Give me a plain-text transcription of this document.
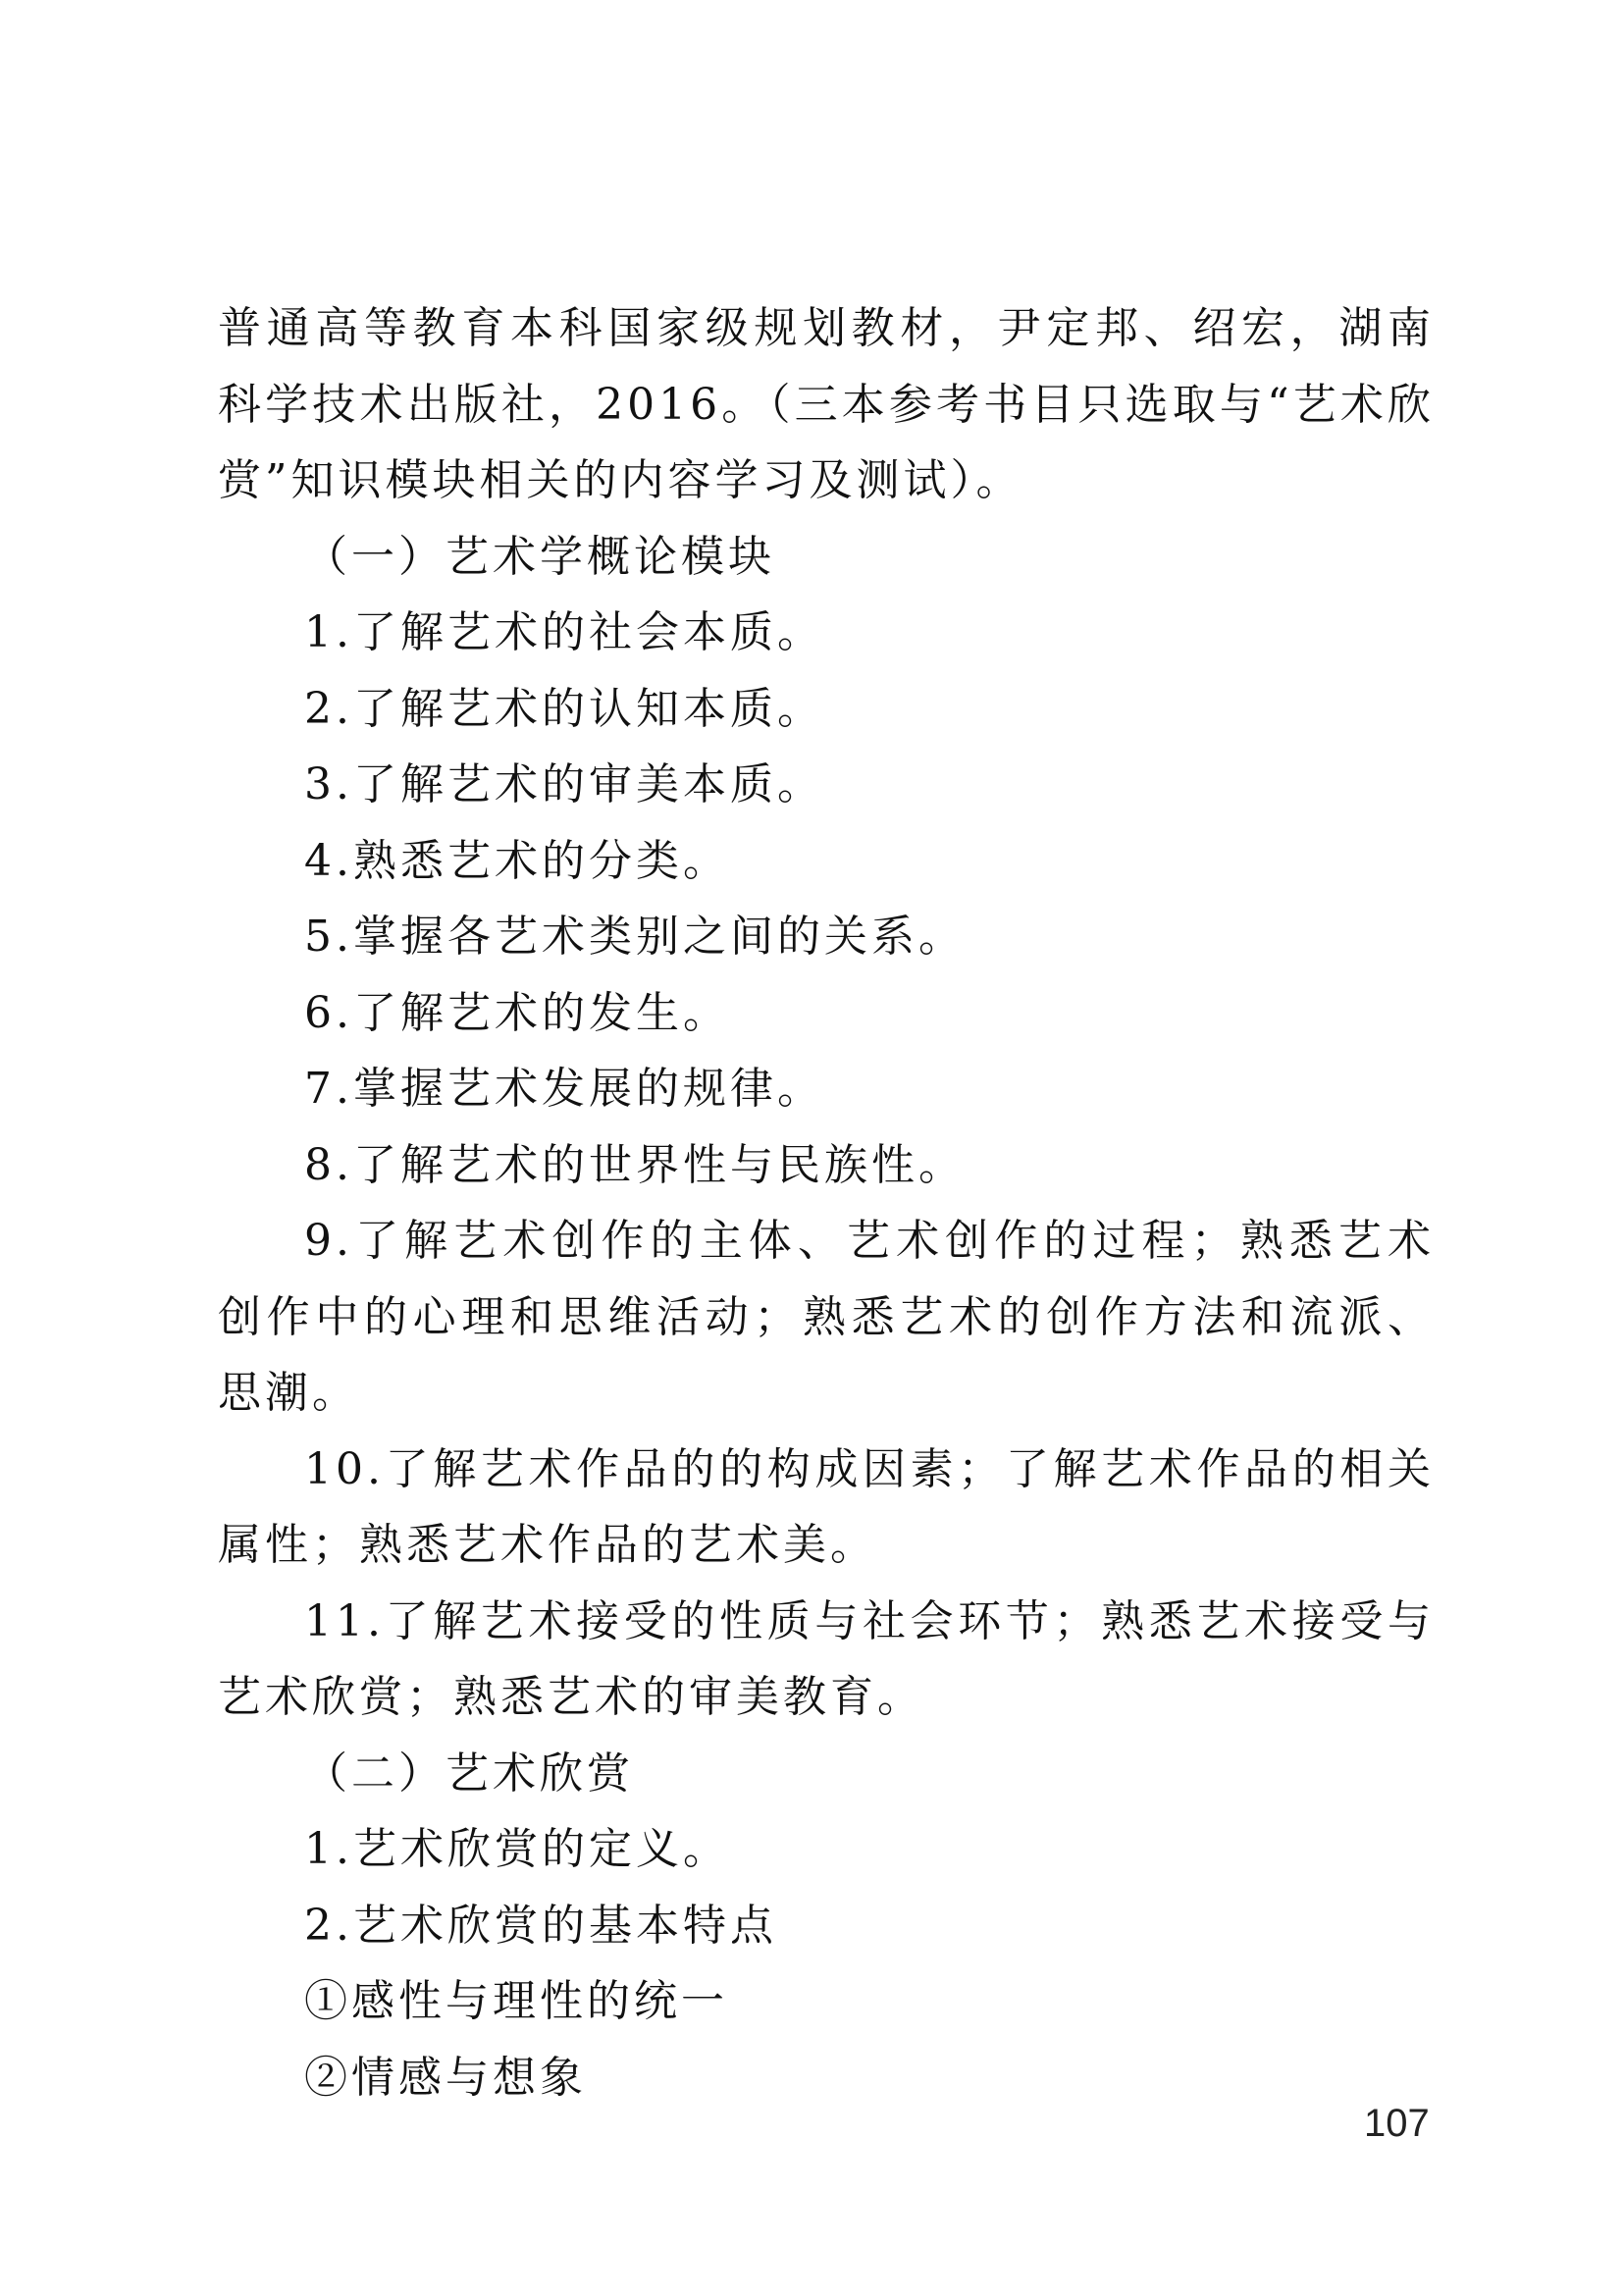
普通高等教育本科国家级规划教材，尹定邦、绍宏，湖南科学技术出版社，2016。（三本参考书目只选取与“艺术欣赏”知识模块相关的内容学习及测试）。

（一）艺术学概论模块

1.了解艺术的社会本质。

2.了解艺术的认知本质。

3.了解艺术的审美本质。

4.熟悉艺术的分类。

5.掌握各艺术类别之间的关系。

6.了解艺术的发生。

7.掌握艺术发展的规律。

8.了解艺术的世界性与民族性。

9.了解艺术创作的主体、艺术创作的过程；熟悉艺术创作中的心理和思维活动；熟悉艺术的创作方法和流派、思潮。

10.了解艺术作品的的构成因素；了解艺术作品的相关属性；熟悉艺术作品的艺术美。

11.了解艺术接受的性质与社会环节；熟悉艺术接受与艺术欣赏；熟悉艺术的审美教育。

（二）艺术欣赏

1.艺术欣赏的定义。

2.艺术欣赏的基本特点

①感性与理性的统一

②情感与想象

107
